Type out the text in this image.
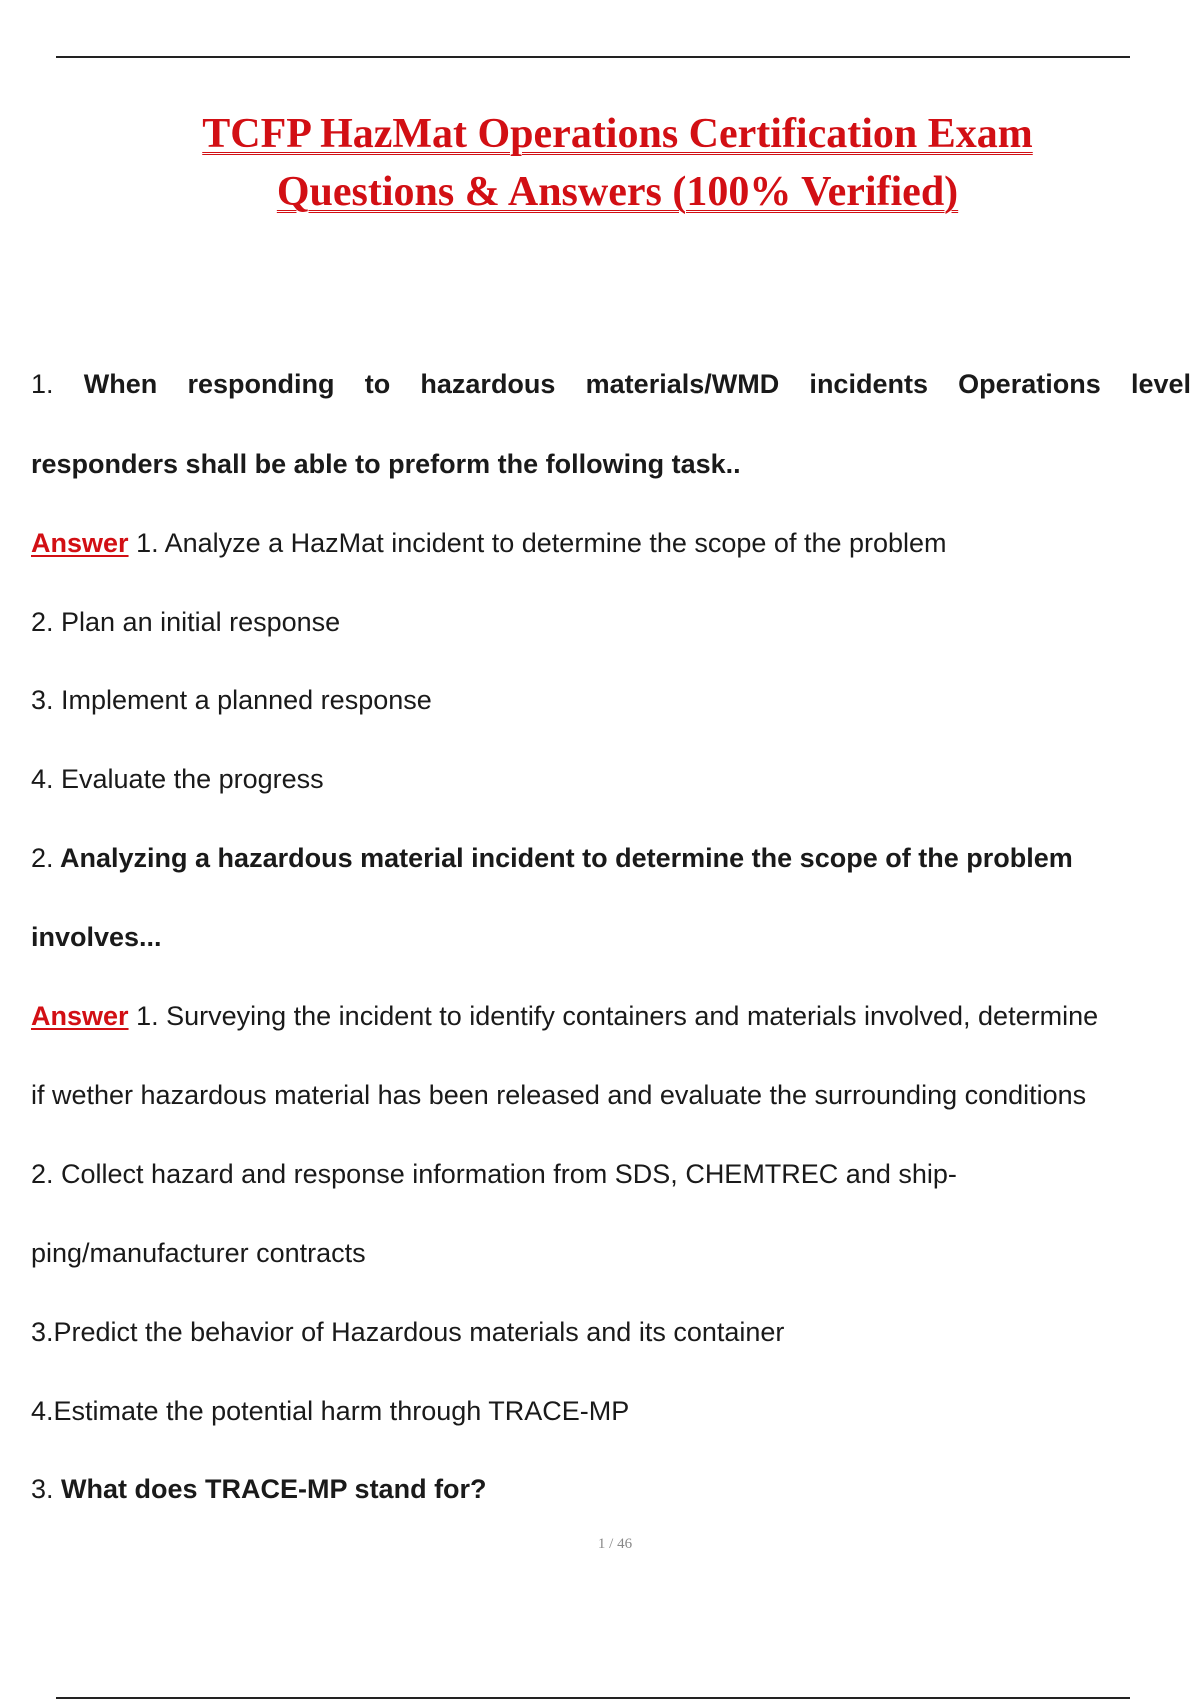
TCFP HazMat Operations Certification Exam
Questions & Answers (100% Verified)
1. When responding to hazardous materials/WMD incidents Operations level
responders shall be able to preform the following task..
Answer 1. Analyze a HazMat incident to determine the scope of the problem
2. Plan an initial response
3. Implement a planned response
4. Evaluate the progress
2. Analyzing a hazardous material incident to determine the scope of the problem
involves...
Answer 1. Surveying the incident to identify containers and materials involved, determine
if wether hazardous material has been released and evaluate the surrounding conditions
2. Collect hazard and response information from SDS, CHEMTREC and ship-
ping/manufacturer contracts
3.Predict the behavior of Hazardous materials and its container
4.Estimate the potential harm through TRACE-MP
3. What does TRACE-MP stand for?
1 / 46
